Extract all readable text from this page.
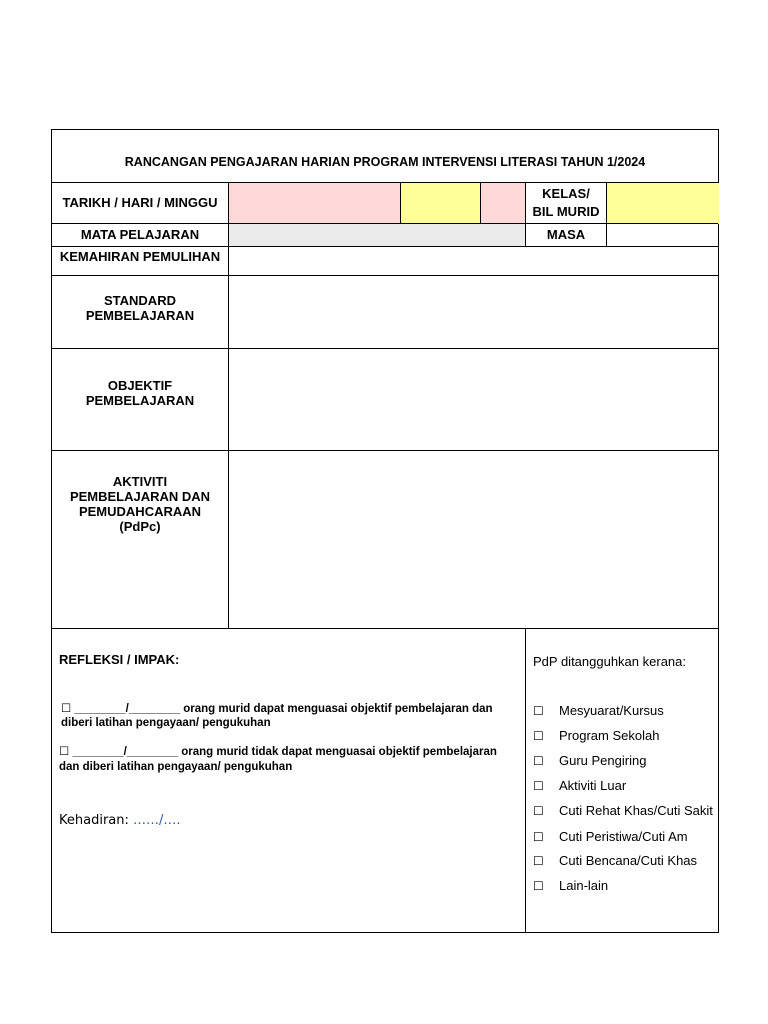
RANCANGAN PENGAJARAN HARIAN PROGRAM INTERVENSI LITERASI TAHUN 1/2024
TARIKH / HARI / MINGGU
KELAS/
BIL MURID
MATA PELAJARAN	MASA
KEMAHIRAN PEMULIHAN
STANDARD
PEMBELAJARAN
OBJEKTIF
PEMBELAJARAN
AKTIVITI
PEMBELAJARAN DAN
PEMUDAHCARAAN
(PdPc)
REFLEKSI / IMPAK:
☐ ________/________ orang murid dapat menguasai objektif pembelajaran dan
diberi latihan pengayaan/ pengukuhan
☐ ________/________ orang murid tidak dapat menguasai objektif pembelajaran
dan diberi latihan pengayaan/ pengukuhan
Kehadiran: ……/….
PdP ditangguhkan kerana:
☐ Mesyuarat/Kursus
☐ Program Sekolah
☐ Guru Pengiring
☐ Aktiviti Luar
☐ Cuti Rehat Khas/Cuti Sakit
☐ Cuti Peristiwa/Cuti Am
☐ Cuti Bencana/Cuti Khas
☐ Lain-lain
